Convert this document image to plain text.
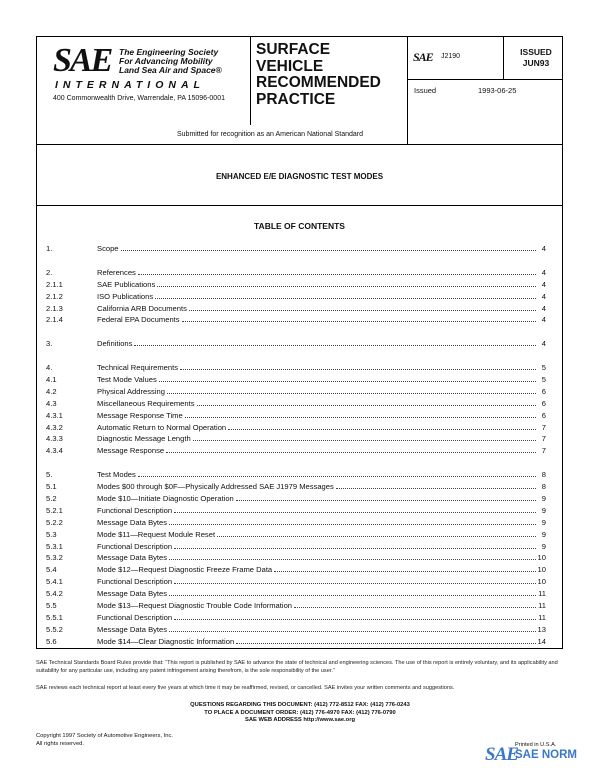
SAE The Engineering Society
For Advancing Mobility
Land Sea Air and Space®
INTERNATIONAL
400 Commonwealth Drive, Warrendale, PA 15096-0001
SURFACE
VEHICLE
RECOMMENDED
PRACTICE
Submitted for recognition as an American National Standard
SAE J2190	ISSUED
JUN93
Issued	1993-06-25
ENHANCED E/E DIAGNOSTIC TEST MODES
TABLE OF CONTENTS
1.	Scope	4
2.	References	4
2.1.1	SAE Publications	4
2.1.2	ISO Publications	4
2.1.3	California ARB Documents	4
2.1.4	Federal EPA Documents	4
3.	Definitions	4
4.	Technical Requirements	5
4.1	Test Mode Values	5
4.2	Physical Addressing	6
4.3	Miscellaneous Requirements	6
4.3.1	Message Response Time	6
4.3.2	Automatic Return to Normal Operation	7
4.3.3	Diagnostic Message Length	7
4.3.4	Message Response	7
5.	Test Modes	8
5.1	Modes $00 through $0F—Physically Addressed SAE J1979 Messages	8
5.2	Mode $10—Initiate Diagnostic Operation	9
5.2.1	Functional Description	9
5.2.2	Message Data Bytes	9
5.3	Mode $11—Request Module Reset	9
5.3.1	Functional Description	9
5.3.2	Message Data Bytes	10
5.4	Mode $12—Request Diagnostic Freeze Frame Data	10
5.4.1	Functional Description	10
5.4.2	Message Data Bytes	11
5.5	Mode $13—Request Diagnostic Trouble Code Information	11
5.5.1	Functional Description	11
5.5.2	Message Data Bytes	13
5.6	Mode $14—Clear Diagnostic Information	14
SAE Technical Standards Board Rules provide that: “This report is published by SAE to advance the state of technical and engineering sciences. The use of this report is entirely voluntary, and its applicability and suitability for any particular use, including any patent infringement arising therefrom, is the sole responsibility of the user.”
SAE reviews each technical report at least every five years at which time it may be reaffirmed, revised, or cancelled. SAE invites your written comments and suggestions.
QUESTIONS REGARDING THIS DOCUMENT: (412) 772-8512 FAX: (412) 776-0243
TO PLACE A DOCUMENT ORDER: (412) 776-4970 FAX: (412) 776-0790
SAE WEB ADDRESS http://www.sae.org
Copyright 1997 Society of Automotive Engineers, Inc.
All rights reserved.	Printed in U.S.A.
SAE
SAE NORM
